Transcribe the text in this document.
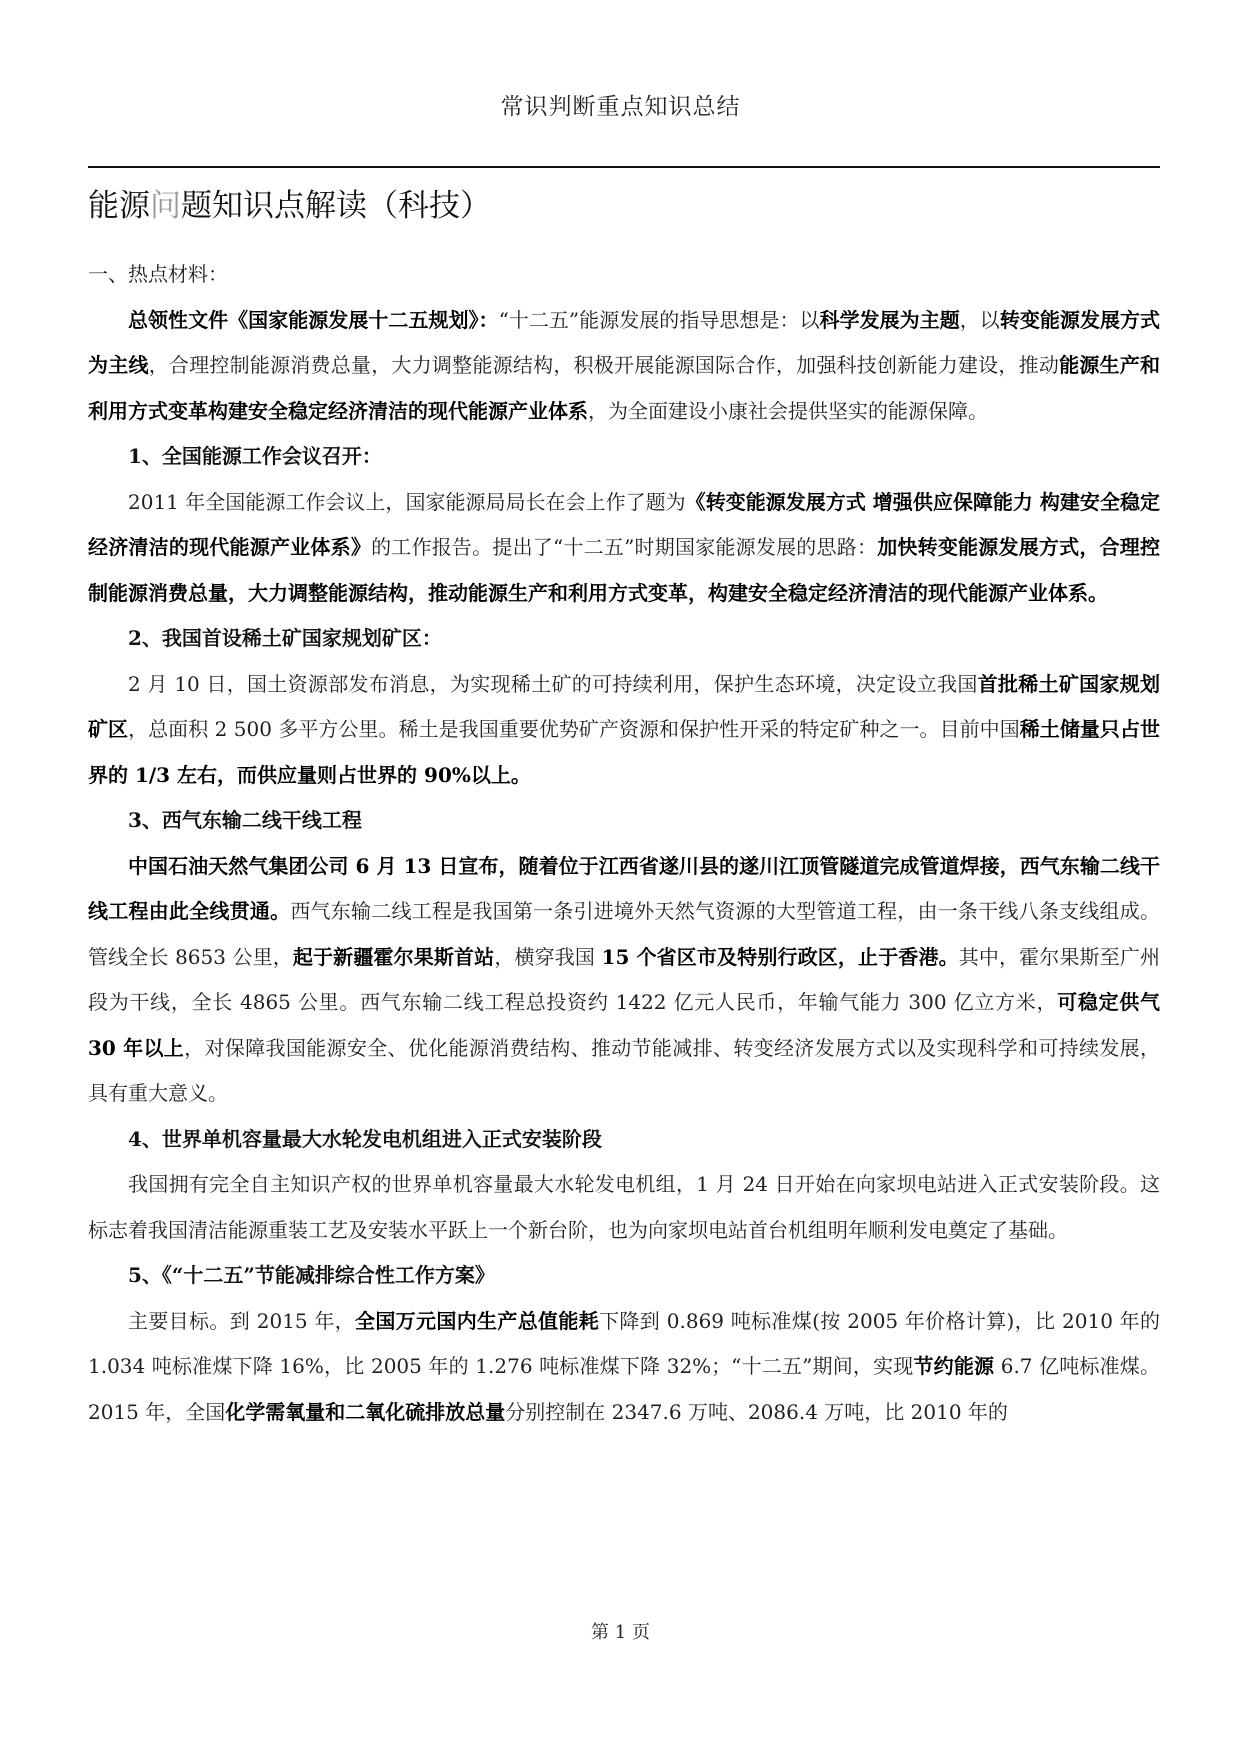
常识判断重点知识总结
能源问题知识点解读（科技）

一、热点材料：

总领性文件《国家能源发展十二五规划》：“十二五”能源发展的指导思想是：以科学发展为主题，以转变能源发展方式为主线，合理控制能源消费总量，大力调整能源结构，积极开展能源国际合作，加强科技创新能力建设，推动能源生产和利用方式变革构建安全稳定经济清洁的现代能源产业体系，为全面建设小康社会提供坚实的能源保障。

1、全国能源工作会议召开：

2011 年全国能源工作会议上，国家能源局局长在会上作了题为《转变能源发展方式 增强供应保障能力 构建安全稳定经济清洁的现代能源产业体系》的工作报告。提出了“十二五”时期国家能源发展的思路：加快转变能源发展方式，合理控制能源消费总量，大力调整能源结构，推动能源生产和利用方式变革，构建安全稳定经济清洁的现代能源产业体系。

2、我国首设稀土矿国家规划矿区：

2 月 10 日，国土资源部发布消息，为实现稀土矿的可持续利用，保护生态环境，决定设立我国首批稀土矿国家规划矿区，总面积 2 500 多平方公里。稀土是我国重要优势矿产资源和保护性开采的特定矿种之一。目前中国稀土储量只占世界的 1/3 左右，而供应量则占世界的 90%以上。

3、西气东输二线干线工程

中国石油天然气集团公司 6 月 13 日宣布，随着位于江西省遂川县的遂川江顶管隧道完成管道焊接，西气东输二线干线工程由此全线贯通。西气东输二线工程是我国第一条引进境外天然气资源的大型管道工程，由一条干线八条支线组成。管线全长 8653 公里，起于新疆霍尔果斯首站，横穿我国 15 个省区市及特别行政区，止于香港。其中，霍尔果斯至广州段为干线，全长 4865 公里。西气东输二线工程总投资约 1422 亿元人民币，年输气能力 300 亿立方米，可稳定供气 30 年以上，对保障我国能源安全、优化能源消费结构、推动节能减排、转变经济发展方式以及实现科学和可持续发展，具有重大意义。

4、世界单机容量最大水轮发电机组进入正式安装阶段

我国拥有完全自主知识产权的世界单机容量最大水轮发电机组，1 月 24 日开始在向家坝电站进入正式安装阶段。这标志着我国清洁能源重装工艺及安装水平跃上一个新台阶，也为向家坝电站首台机组明年顺利发电奠定了基础。

5、《“十二五”节能减排综合性工作方案》

主要目标。到 2015 年，全国万元国内生产总值能耗下降到 0.869 吨标准煤(按 2005 年价格计算)，比 2010 年的 1.034 吨标准煤下降 16%，比 2005 年的 1.276 吨标准煤下降 32%；“十二五”期间，实现节约能源 6.7 亿吨标准煤。2015 年，全国化学需氧量和二氧化硫排放总量分别控制在 2347.6 万吨、2086.4 万吨，比 2010 年的

第 1 页
